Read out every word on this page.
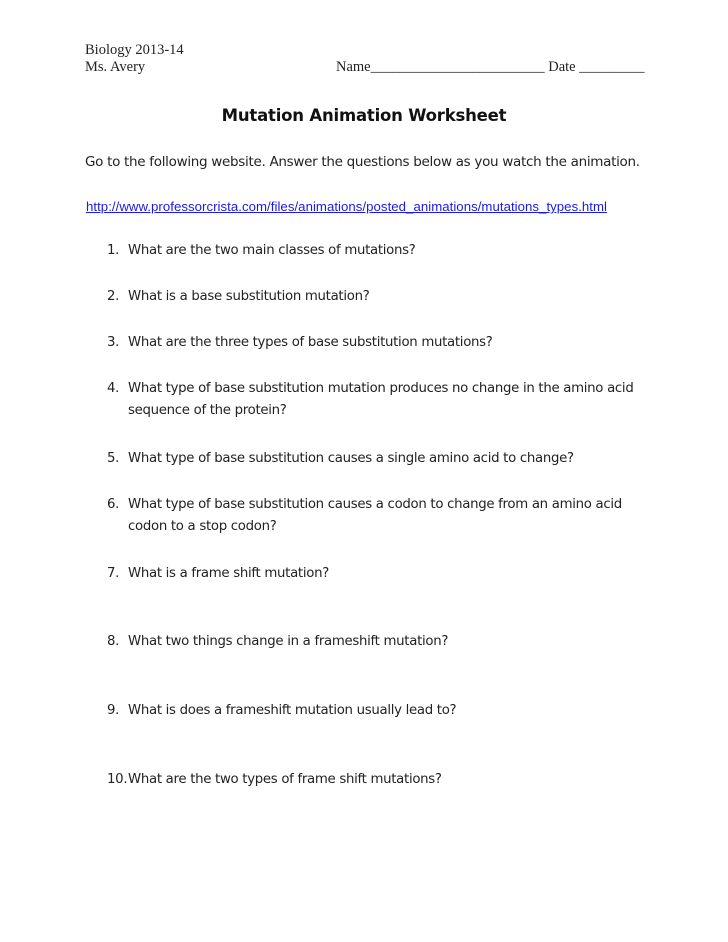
Biology 2013-14
Ms. Avery	Name________________________ Date _________
Mutation Animation Worksheet
Go to the following website. Answer the questions below as you watch the animation.
http://www.professorcrista.com/files/animations/posted_animations/mutations_types.html
1. What are the two main classes of mutations?
2. What is a base substitution mutation?
3. What are the three types of base substitution mutations?
4. What type of base substitution mutation produces no change in the amino acid sequence of the protein?
5. What type of base substitution causes a single amino acid to change?
6. What type of base substitution causes a codon to change from an amino acid codon to a stop codon?
7. What is a frame shift mutation?
8. What two things change in a frameshift mutation?
9. What is does a frameshift mutation usually lead to?
10. What are the two types of frame shift mutations?
